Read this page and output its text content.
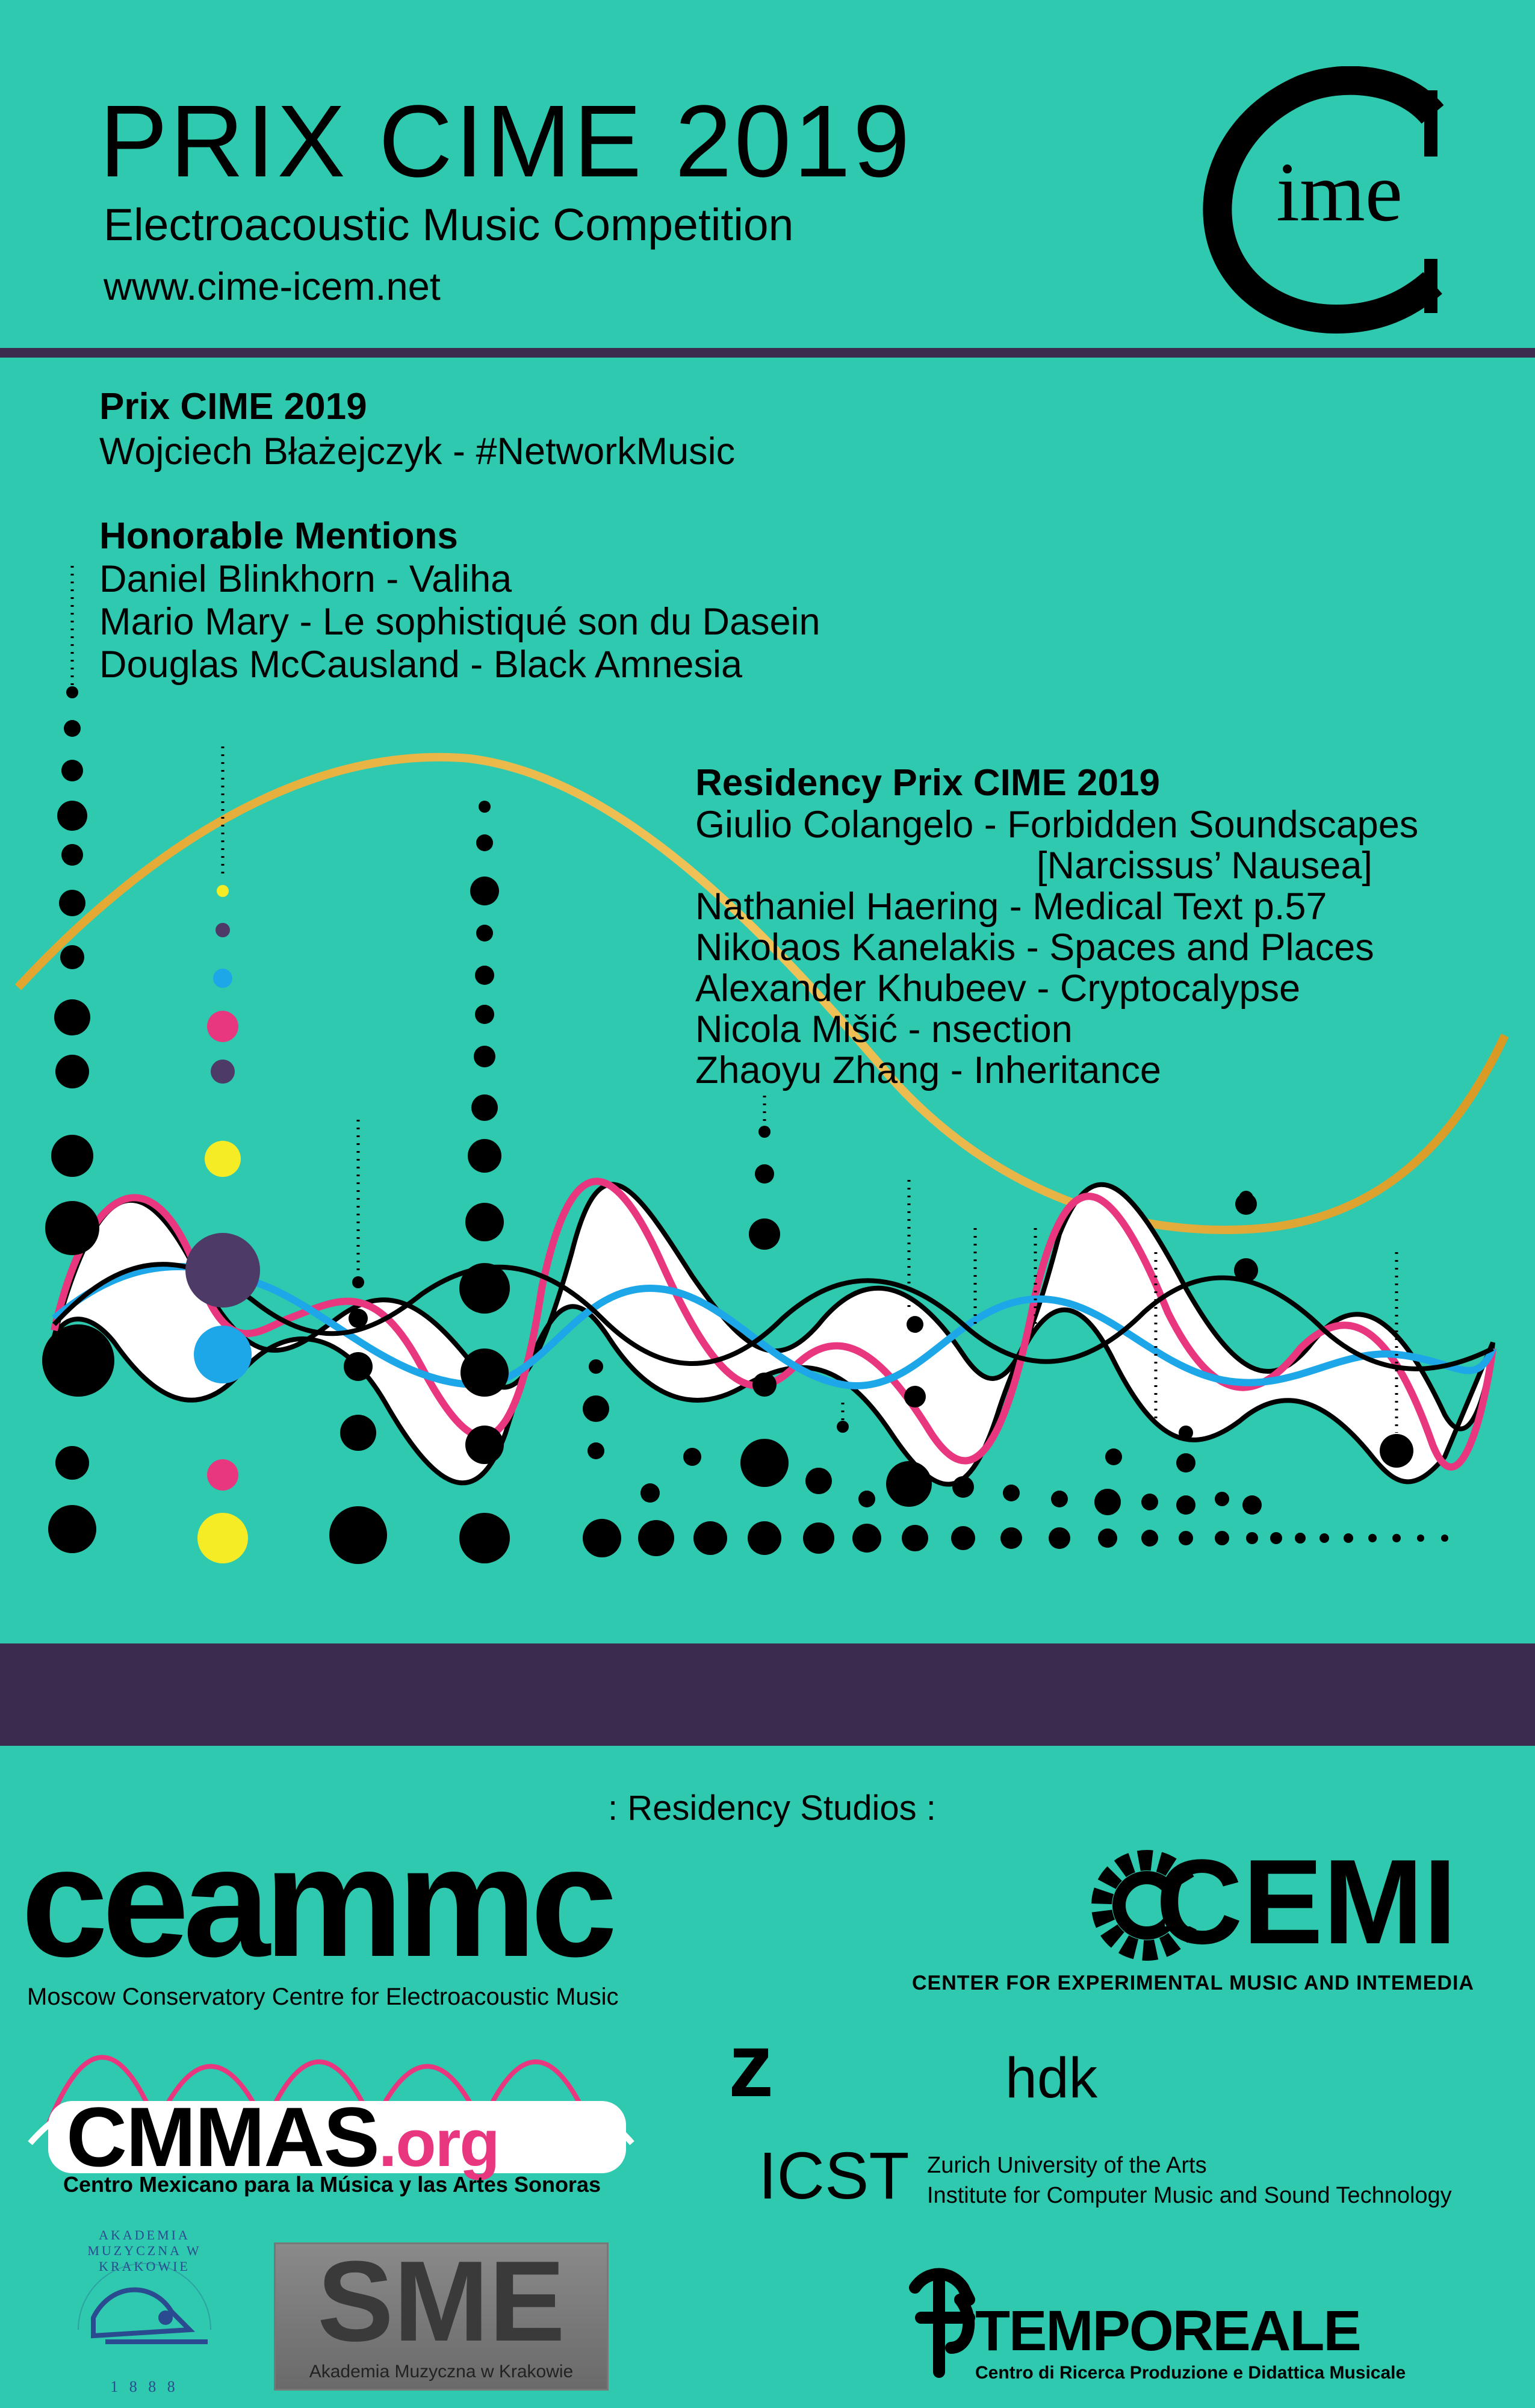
PRIX CIME 2019
Electroacoustic Music Competition
www.cime-icem.net
ime
Prix CIME 2019
Wojciech Błażejczyk - #NetworkMusic
Honorable Mentions
Daniel Blinkhorn - Valiha
Mario Mary - Le sophistiqué son du Dasein
Douglas McCausland - Black Amnesia
Residency Prix CIME 2019
Giulio Colangelo - Forbidden Soundscapes
[Narcissus’ Nausea]
Nathaniel Haering - Medical Text p.57
Nikolaos Kanelakis - Spaces and Places
Alexander Khubeev - Cryptocalypse
Nicola Mišić - nsection
Zhaoyu Zhang - Inheritance
: Residency Studios :
ceammc
Moscow Conservatory Centre for Electroacoustic Music
CEMI
CENTER FOR EXPERIMENTAL MUSIC AND INTEMEDIA
CMMAS.org
Centro Mexicano para la Música y las Artes Sonoras
z	hdk
ICST Zurich University of the Arts
Institute for Computer Music and Sound Technology
AKADEMIA MUZYCZNA W KRAKOWIE
1 8 8 8
SME
Akademia Muzyczna w Krakowie
TEMPOREALE
Centro di Ricerca Produzione e Didattica Musicale
